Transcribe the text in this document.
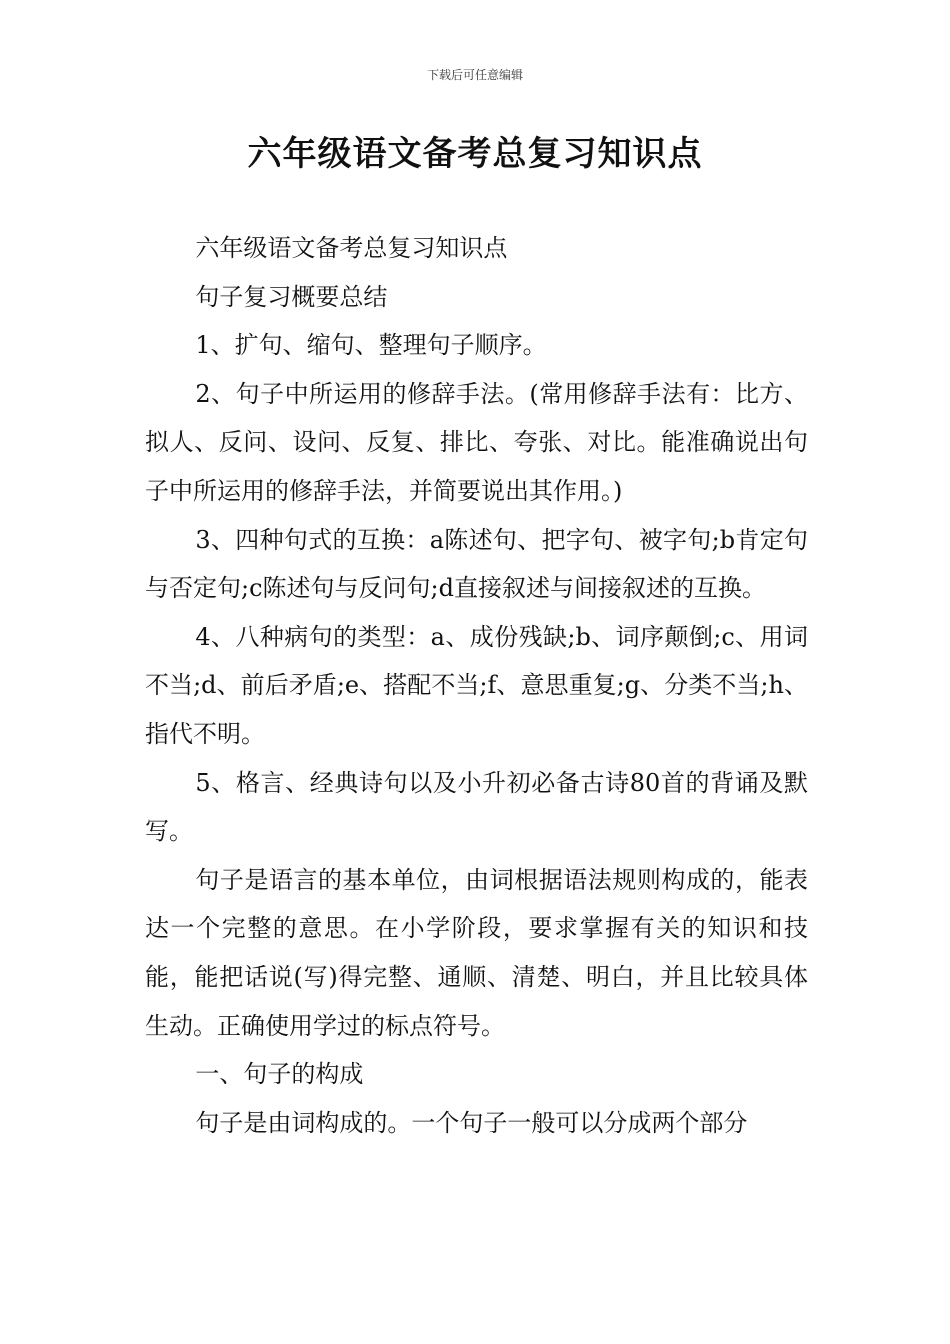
下载后可任意编辑
六年级语文备考总复习知识点

六年级语文备考总复习知识点

句子复习概要总结

1、扩句、缩句、整理句子顺序。

2、句子中所运用的修辞手法。(常用修辞手法有：比方、拟人、反问、设问、反复、排比、夸张、对比。能准确说出句子中所运用的修辞手法，并简要说出其作用。)

3、四种句式的互换：a陈述句、把字句、被字句;b肯定句与否定句;c陈述句与反问句;d直接叙述与间接叙述的互换。

4、八种病句的类型：a、成份残缺;b、词序颠倒;c、用词不当;d、前后矛盾;e、搭配不当;f、意思重复;g、分类不当;h、指代不明。

5、格言、经典诗句以及小升初必备古诗80首的背诵及默写。

句子是语言的基本单位，由词根据语法规则构成的，能表达一个完整的意思。在小学阶段，要求掌握有关的知识和技能，能把话说(写)得完整、通顺、清楚、明白，并且比较具体生动。正确使用学过的标点符号。

一、句子的构成

句子是由词构成的。一个句子一般可以分成两个部分
